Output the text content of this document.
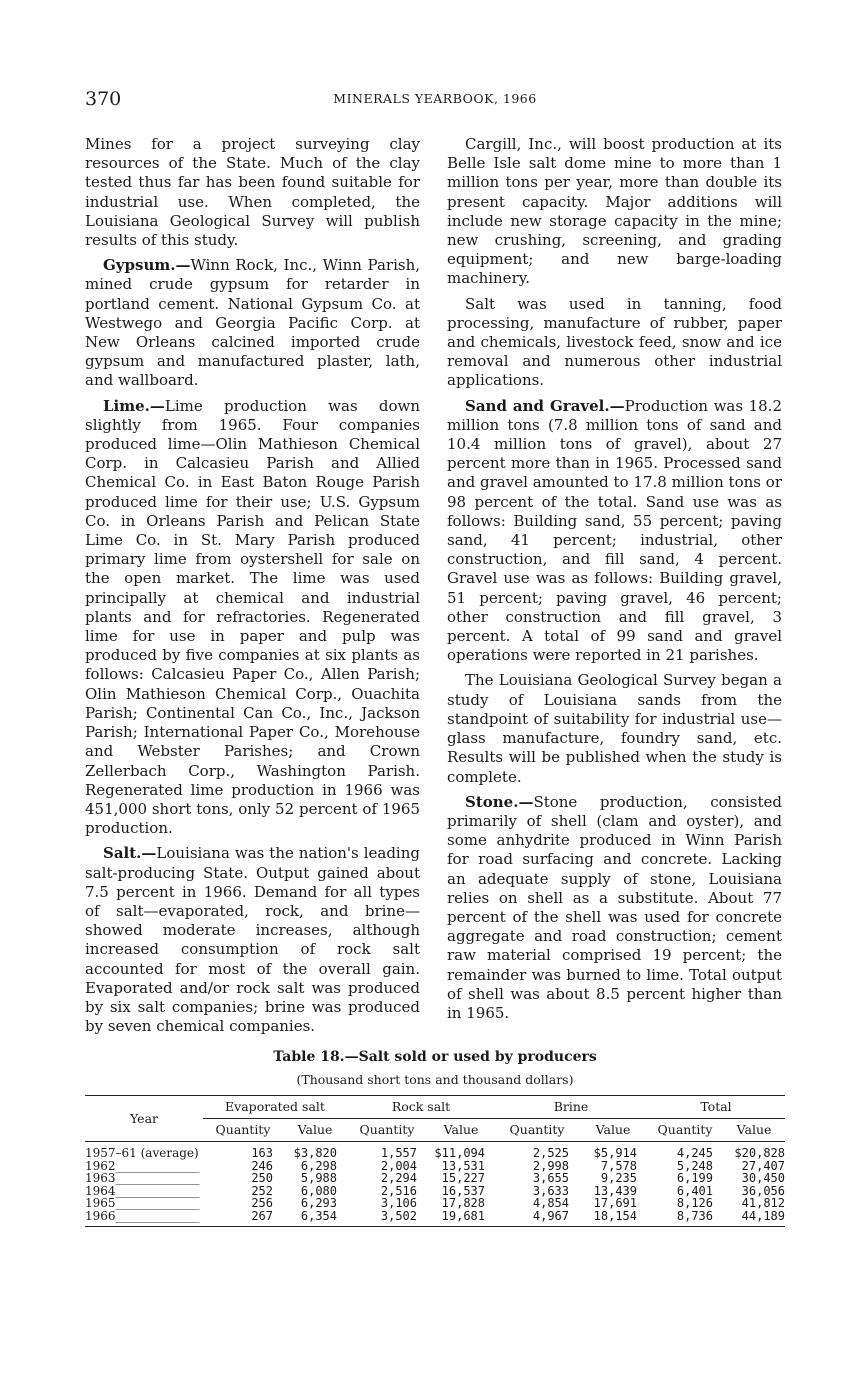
370	MINERALS YEARBOOK, 1966

Mines for a project surveying clay resources of the State. Much of the clay tested thus far has been found suitable for industrial use. When completed, the Louisiana Geological Survey will publish results of this study.

Gypsum.—Winn Rock, Inc., Winn Parish, mined crude gypsum for retarder in portland cement. National Gypsum Co. at Westwego and Georgia Pacific Corp. at New Orleans calcined imported crude gypsum and manufactured plaster, lath, and wallboard.

Lime.—Lime production was down slightly from 1965. Four companies produced lime—Olin Mathieson Chemical Corp. in Calcasieu Parish and Allied Chemical Co. in East Baton Rouge Parish produced lime for their use; U.S. Gypsum Co. in Orleans Parish and Pelican State Lime Co. in St. Mary Parish produced primary lime from oystershell for sale on the open market. The lime was used principally at chemical and industrial plants and for refractories. Regenerated lime for use in paper and pulp was produced by five companies at six plants as follows: Calcasieu Paper Co., Allen Parish; Olin Mathieson Chemical Corp., Ouachita Parish; Continental Can Co., Inc., Jackson Parish; International Paper Co., Morehouse and Webster Parishes; and Crown Zellerbach Corp., Washington Parish. Regenerated lime production in 1966 was 451,000 short tons, only 52 percent of 1965 production.

Salt.—Louisiana was the nation's leading salt-producing State. Output gained about 7.5 percent in 1966. Demand for all types of salt—evaporated, rock, and brine—showed moderate increases, although increased consumption of rock salt accounted for most of the overall gain. Evaporated and/or rock salt was produced by six salt companies; brine was produced by seven chemical companies.

Cargill, Inc., will boost production at its Belle Isle salt dome mine to more than 1 million tons per year, more than double its present capacity. Major additions will include new storage capacity in the mine; new crushing, screening, and grading equipment; and new barge-loading machinery.

Salt was used in tanning, food processing, manufacture of rubber, paper and chemicals, livestock feed, snow and ice removal and numerous other industrial applications.

Sand and Gravel.—Production was 18.2 million tons (7.8 million tons of sand and 10.4 million tons of gravel), about 27 percent more than in 1965. Processed sand and gravel amounted to 17.8 million tons or 98 percent of the total. Sand use was as follows: Building sand, 55 percent; paving sand, 41 percent; industrial, other construction, and fill sand, 4 percent. Gravel use was as follows: Building gravel, 51 percent; paving gravel, 46 percent; other construction and fill gravel, 3 percent. A total of 99 sand and gravel operations were reported in 21 parishes.

The Louisiana Geological Survey began a study of Louisiana sands from the standpoint of suitability for industrial use—glass manufacture, foundry sand, etc. Results will be published when the study is complete.

Stone.—Stone production, consisted primarily of shell (clam and oyster), and some anhydrite produced in Winn Parish for road surfacing and concrete. Lacking an adequate supply of stone, Louisiana relies on shell as a substitute. About 77 percent of the shell was used for concrete aggregate and road construction; cement raw material comprised 19 percent; the remainder was burned to lime. Total output of shell was about 8.5 percent higher than in 1965.

Table 18.—Salt sold or used by producers
(Thousand short tons and thousand dollars)
Year	Evaporated salt		Rock salt		Brine		Total	
	Quantity	Value	Quantity	Value	Quantity	Value	Quantity	Value
1957–61 (average)	163	$3,820	1,557	$11,094	2,525	$5,914	4,245	$20,828
1962______________	246	6,298	2,004	13,531	2,998	7,578	5,248	27,407
1963______________	250	5,988	2,294	15,227	3,655	9,235	6,199	30,450
1964______________	252	6,080	2,516	16,537	3,633	13,439	6,401	36,056
1965______________	256	6,293	3,106	17,828	4,854	17,691	8,126	41,812
1966______________	267	6,354	3,502	19,681	4,967	18,154	8,736	44,189
